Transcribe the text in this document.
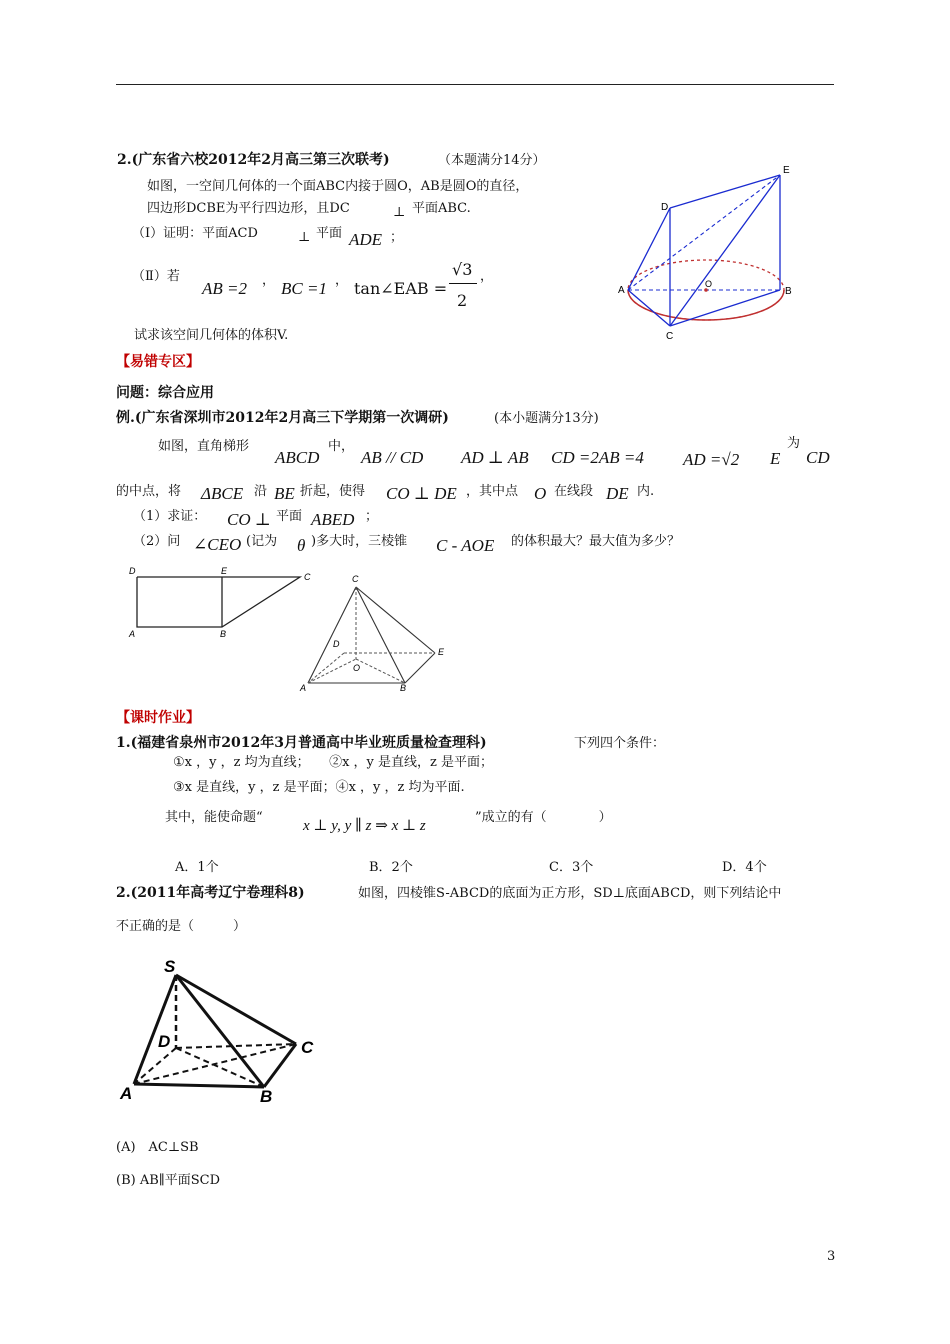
2.(广东省六校2012年2月高三第三次联考)	（本题满分14分）
如图，一空间几何体的一个面ABC内接于圆O，AB是圆O的直径，
四边形DCBE为平行四边形，且DC	⊥ 平面ABC.
（Ⅰ）证明：平面ACD	⊥ 平面 ADE ；
（Ⅱ）若
AB =2 ， BC =1 ， tan∠EAB =
√3
2
，
试求该空间几何体的体积V.
E
D
A
O
B
C
【易错专区】
问题：综合应用
例.(广东省深圳市2012年2月高三下学期第一次调研)	(本小题满分13分)
如图，直角梯形
ABCD
中，
AB // CD AD ⊥ AB CD =2AB =4 AD =√2 E
为
CD
的中点，将 ΔBCE 沿 BE 折起，使得 CO ⊥ DE ，其中点 O 在线段 DE 内.
（1）求证： CO ⊥ 平面 ABED ；
（2）问 ∠CEO (记为 θ )多大时，三棱锥 C - AOE 的体积最大？最大值为多少？
D	E
C
A	B
C
D
O
E
A	B
【课时作业】
1.(福建省泉州市2012年3月普通高中毕业班质量检查理科)	下列四个条件：
①x ，y ，z 均为直线；　　②x ，y 是直线，z 是平面；
③x 是直线，y ，z 是平面；④x ，y ，z 均为平面.
其中，能使命题“
x ⊥ y, y ∥ z ⇒ x ⊥ z
”成立的有（　　　　）
A．1个	B．2个	C．3个	D．4个
2.(2011年高考辽宁卷理科8)	如图，四棱锥S-ABCD的底面为正方形，SD⊥底面ABCD，则下列结论中
不正确的是（　　　）
S
D	C
A	B
(A)　AC⊥SB
(B) AB∥平面SCD
3
